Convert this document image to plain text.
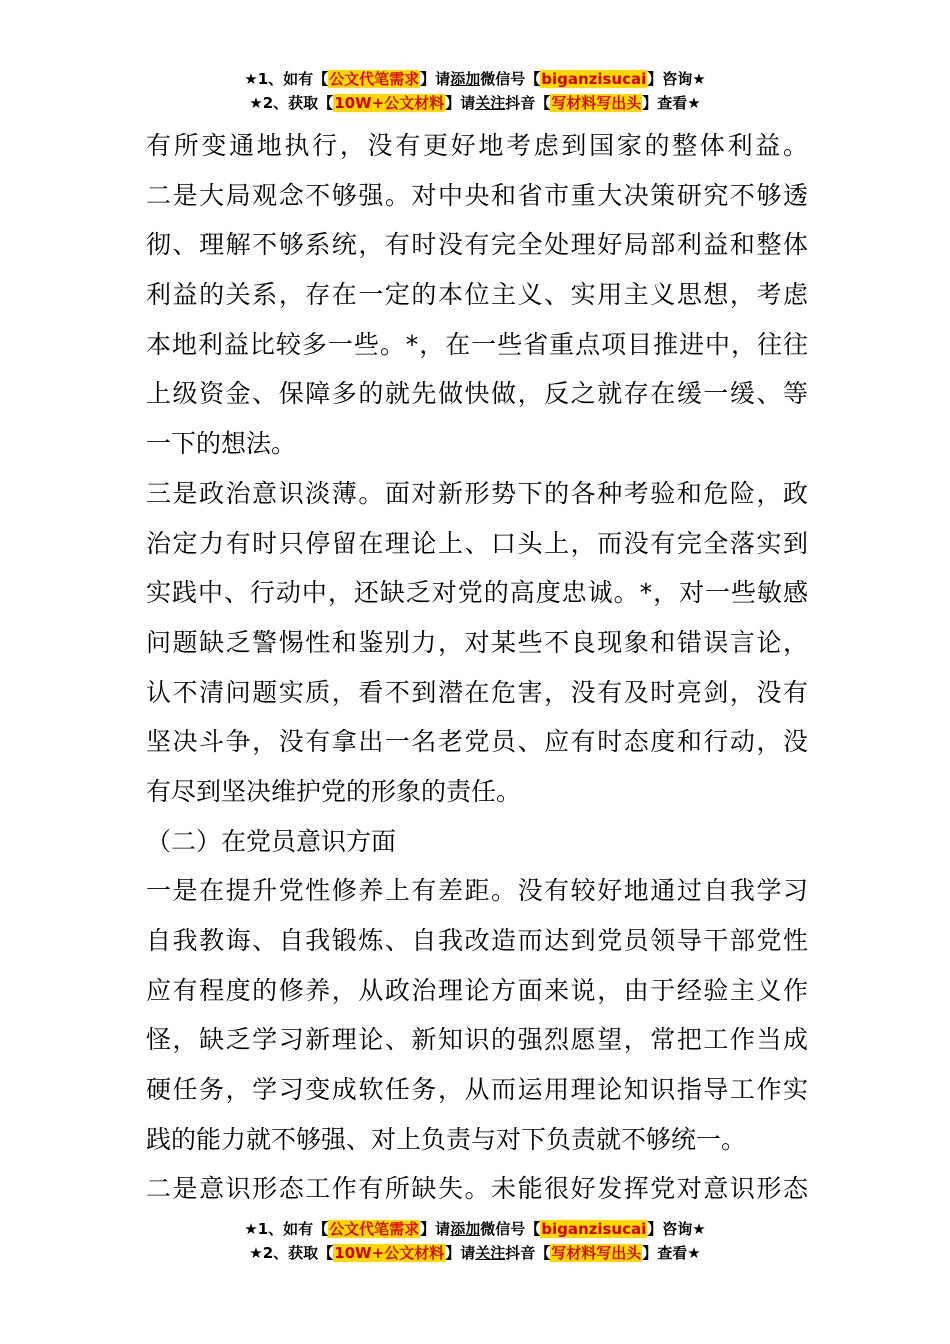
★1、如有【公文代笔需求】请添加微信号【biganzisucai】咨询★
★2、获取【10W+公文材料】请关注抖音【写材料写出头】查看★
有所变通地执行，没有更好地考虑到国家的整体利益。
二是大局观念不够强。对中央和省市重大决策研究不够透
彻、理解不够系统，有时没有完全处理好局部利益和整体
利益的关系，存在一定的本位主义、实用主义思想，考虑
本地利益比较多一些。*，在一些省重点项目推进中，往往
上级资金、保障多的就先做快做，反之就存在缓一缓、等
一下的想法。
三是政治意识淡薄。面对新形势下的各种考验和危险，政
治定力有时只停留在理论上、口头上，而没有完全落实到
实践中、行动中，还缺乏对党的高度忠诚。*，对一些敏感
问题缺乏警惕性和鉴别力，对某些不良现象和错误言论，
认不清问题实质，看不到潜在危害，没有及时亮剑，没有
坚决斗争，没有拿出一名老党员、应有时态度和行动，没
有尽到坚决维护党的形象的责任。
（二）在党员意识方面
一是在提升党性修养上有差距。没有较好地通过自我学习
自我教诲、自我锻炼、自我改造而达到党员领导干部党性
应有程度的修养，从政治理论方面来说，由于经验主义作
怪，缺乏学习新理论、新知识的强烈愿望，常把工作当成
硬任务，学习变成软任务，从而运用理论知识指导工作实
践的能力就不够强、对上负责与对下负责就不够统一。
二是意识形态工作有所缺失。未能很好发挥党对意识形态
★1、如有【公文代笔需求】请添加微信号【biganzisucai】咨询★
★2、获取【10W+公文材料】请关注抖音【写材料写出头】查看★
